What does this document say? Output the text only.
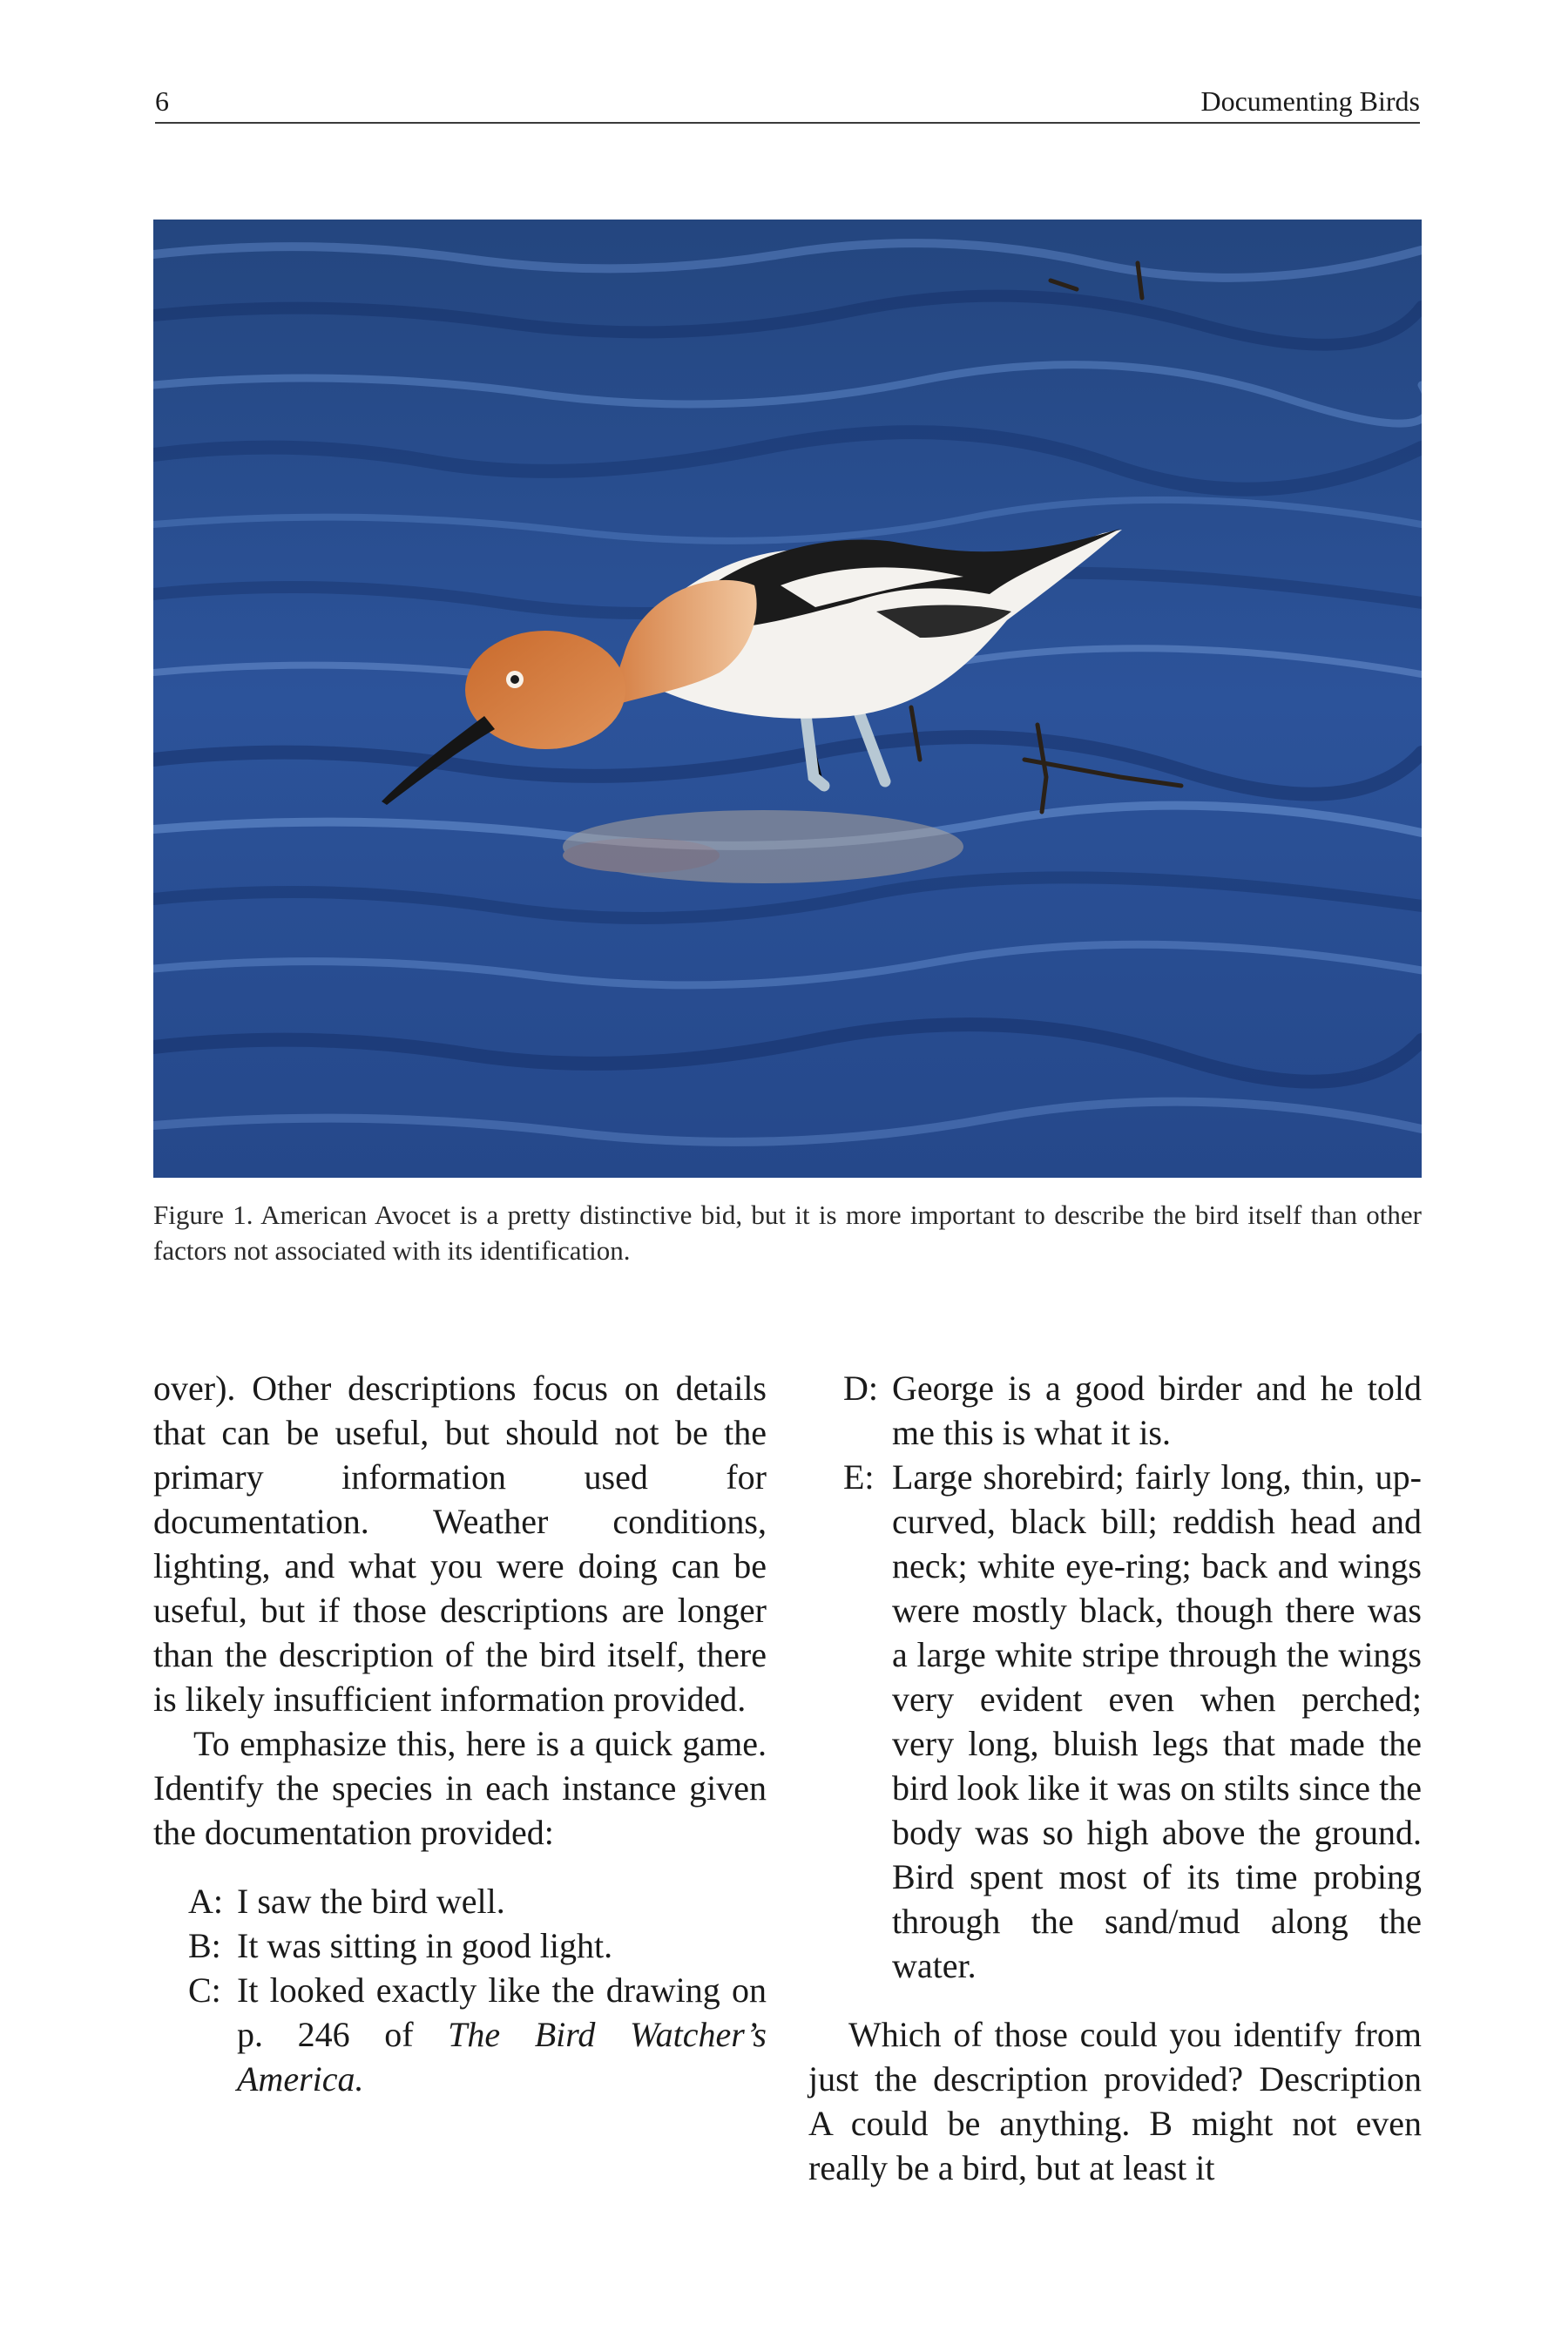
6	Documenting Birds
Figure 1. American Avocet is a pretty distinctive bid, but it is more important to describe the bird itself than other factors not associated with its identification.

over). Other descriptions focus on details that can be useful, but should not be the primary information used for documentation. Weather conditions, lighting, and what you were doing can be useful, but if those descriptions are longer than the description of the bird itself, there is likely insufficient information provided.

To emphasize this, here is a quick game. Identify the species in each instance given the documentation provided:

A: I saw the bird well.
B: It was sitting in good light.
C: It looked exactly like the drawing on p. 246 of The Bird Watcher’s America.
D: George is a good birder and he told me this is what it is.
E: Large shorebird; fairly long, thin, up-curved, black bill; reddish head and neck; white eye-ring; back and wings were mostly black, though there was a large white stripe through the wings very evident even when perched; very long, bluish legs that made the bird look like it was on stilts since the body was so high above the ground. Bird spent most of its time probing through the sand/mud along the water.

Which of those could you identify from just the description provided? Description A could be anything. B might not even really be a bird, but at least it
